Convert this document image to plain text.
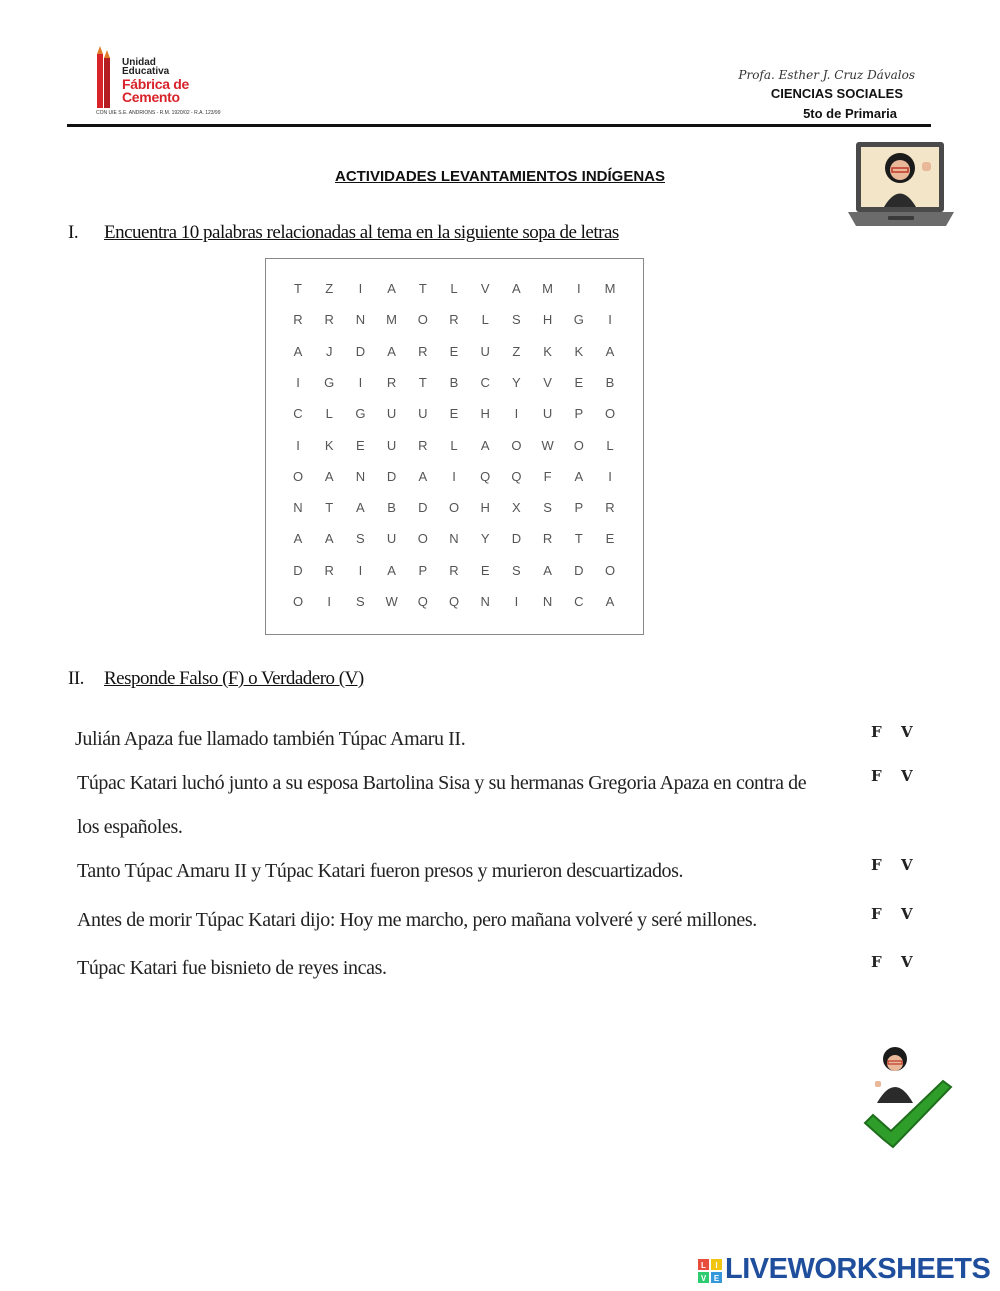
Unidad
Educativa
Fábrica de
Cemento
CON UIE S.E. ANDRIONS - R.M. 1920/02 - R.A. 123/99
Profa. Esther J. Cruz Dávalos
CIENCIAS SOCIALES
5to de Primaria
ACTIVIDADES LEVANTAMIENTOS INDÍGENAS
I. Encuentra 10 palabras relacionadas al tema en la siguiente sopa de letras
T	Z	I	A	T	L	V	A	M	I	M
R	R	N	M	O	R	L	S	H	G	I
A	J	D	A	R	E	U	Z	K	K	A
I	G	I	R	T	B	C	Y	V	E	B
C	L	G	U	U	E	H	I	U	P	O
I	K	E	U	R	L	A	O	W	O	L
O	A	N	D	A	I	Q	Q	F	A	I
N	T	A	B	D	O	H	X	S	P	R
A	A	S	U	O	N	Y	D	R	T	E
D	R	I	A	P	R	E	S	A	D	O
O	I	S	W	Q	Q	N	I	N	C	A
II. Responde Falso (F) o Verdadero (V)
Julián Apaza fue llamado también Túpac Amaru II.	F V
Túpac Katari luchó junto a su esposa Bartolina Sisa y su hermanas Gregoria Apaza en contra de	F V
los españoles.
Tanto Túpac Amaru II y Túpac Katari fueron presos y murieron descuartizados.	F V
Antes de morir Túpac Katari dijo: Hoy me marcho, pero mañana volveré y seré millones.	F V
Túpac Katari fue bisnieto de reyes incas.	F V
L I
V E LIVEWORKSHEETS
